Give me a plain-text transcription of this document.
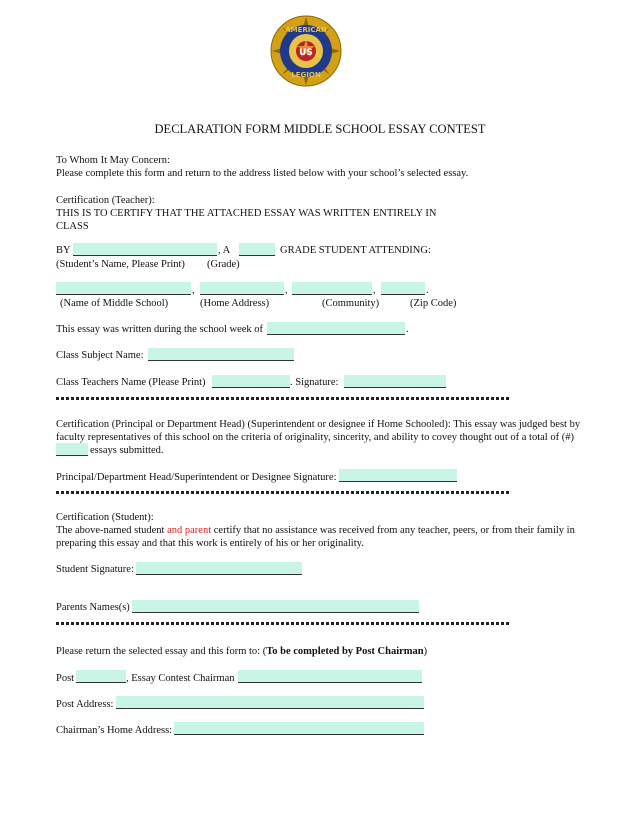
US
AMERICAN
LEGION
DECLARATION FORM MIDDLE SCHOOL ESSAY CONTEST
To Whom It May Concern:
Please complete this form and return to the address listed below with your school’s selected essay.
Certification (Teacher):
THIS IS TO CERTIFY THAT THE ATTACHED ESSAY WAS WRITTEN ENTIRELY IN
CLASS
BY	, A	GRADE STUDENT ATTENDING:
(Student’s Name, Please Print) (Grade)
,	,	,	.
(Name of Middle School)	(Home Address)	(Community)	(Zip Code)
This essay was written during the school week of	.
Class Subject Name:
Class Teachers Name (Please Print)	. Signature:
Certification (Principal or Department Head) (Superintendent or designee if Home Schooled): This essay was judged best by
faculty representatives of this school on the criteria of originality, sincerity, and ability to covey thought out of a total of (#)
essays submitted.
Principal/Department Head/Superintendent or Designee Signature:
Certification (Student):
The above-named student and parent certify that no assistance was received from any teacher, peers, or from their family in
preparing this essay and that this work is entirely of his or her originality.
Student Signature:
Parents Names(s)
Please return the selected essay and this form to: (To be completed by Post Chairman)
Post	, Essay Contest Chairman
Post Address:
Chairman’s Home Address:
